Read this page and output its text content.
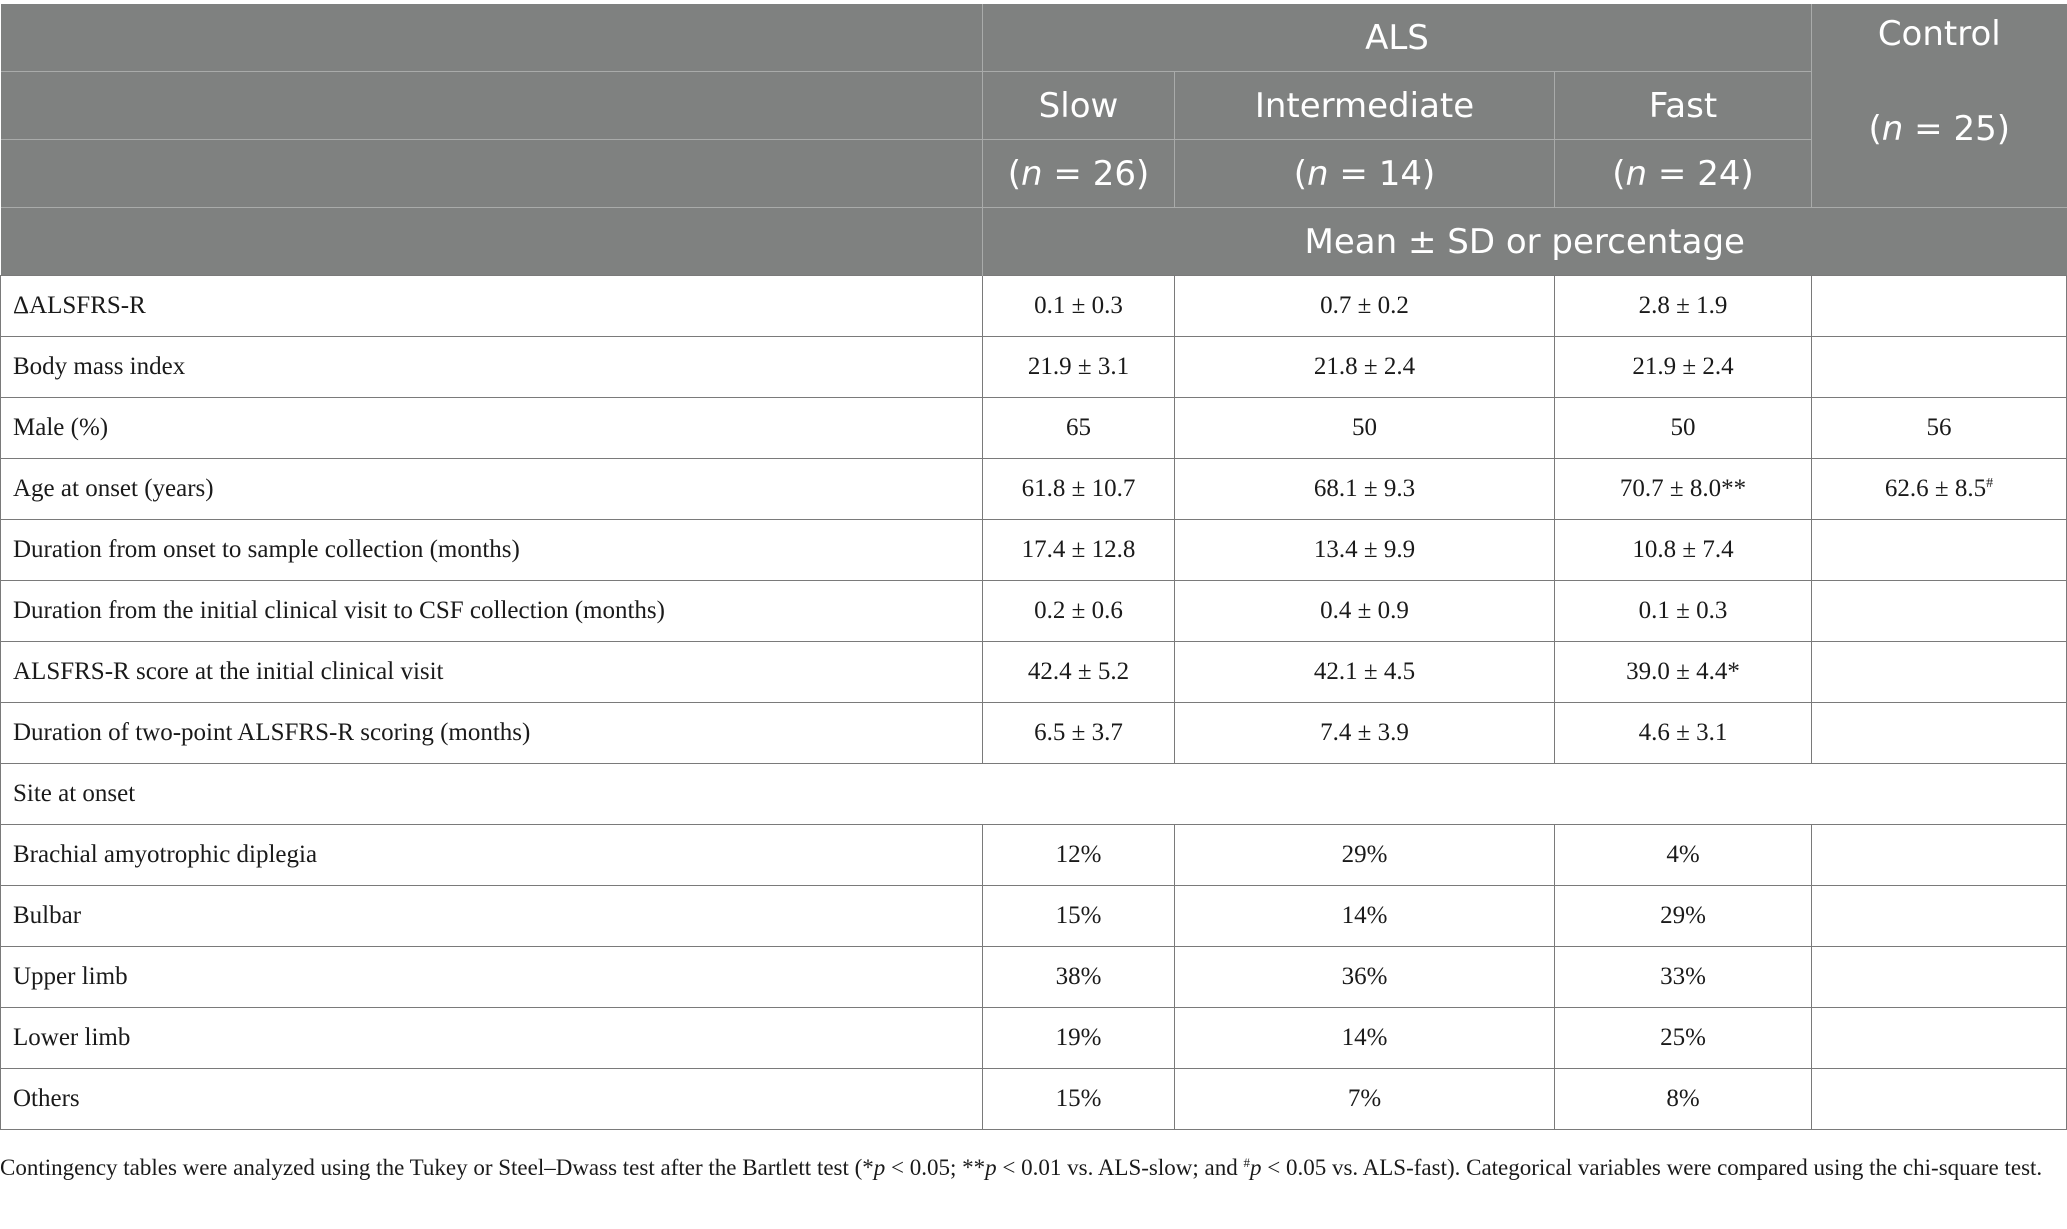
	ALS			Control
(n = 25)

	Slow	Intermediate	Fast	
	(n = 26)	(n = 14)	(n = 24)	
	Mean ± SD or percentage			
ΔALSFRS-R	0.1 ± 0.3	0.7 ± 0.2	2.8 ± 1.9	
Body mass index	21.9 ± 3.1	21.8 ± 2.4	21.9 ± 2.4	
Male (%)	65	50	50	56
Age at onset (years)	61.8 ± 10.7	68.1 ± 9.3	70.7 ± 8.0**	62.6 ± 8.5#
Duration from onset to sample collection (months)	17.4 ± 12.8	13.4 ± 9.9	10.8 ± 7.4	
Duration from the initial clinical visit to CSF collection (months)	0.2 ± 0.6	0.4 ± 0.9	0.1 ± 0.3	
ALSFRS-R score at the initial clinical visit	42.4 ± 5.2	42.1 ± 4.5	39.0 ± 4.4*	
Duration of two-point ALSFRS-R scoring (months)	6.5 ± 3.7	7.4 ± 3.9	4.6 ± 3.1	
Site at onset				
Brachial amyotrophic diplegia	12%	29%	4%	
Bulbar	15%	14%	29%	
Upper limb	38%	36%	33%	
Lower limb	19%	14%	25%	
Others	15%	7%	8%	
Contingency tables were analyzed using the Tukey or Steel–Dwass test after the Bartlett test (*p < 0.05; **p < 0.01 vs. ALS-slow; and #p < 0.05 vs. ALS-fast). Categorical variables were compared using the chi-square test.
